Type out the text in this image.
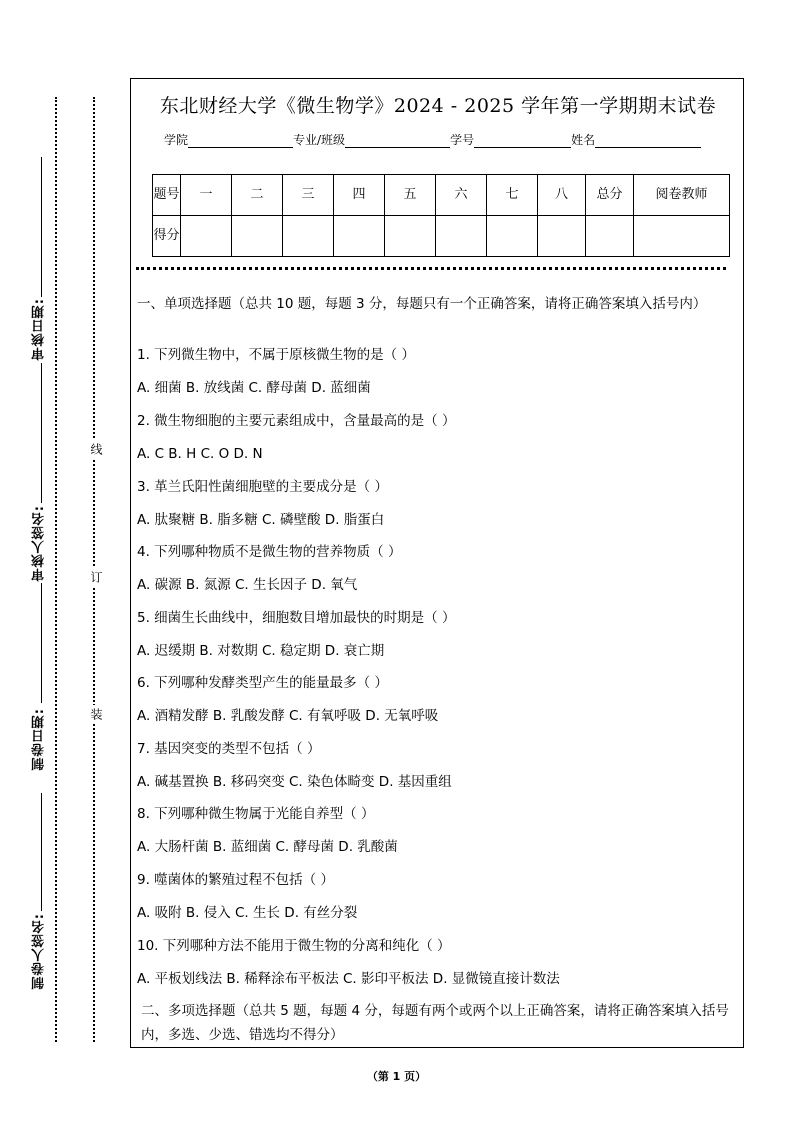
审核日期:
审核人签名:
制卷日期:
制卷人签名:
线
订
装
东北财经大学《微生物学》2024 - 2025 学年第一学期期末试卷
学院	专业/班级	学号	姓名
题号	一	二	三	四	五	六	七	八	总分	阅卷教师
得分										
一、单项选择题（总共 10 题，每题 3 分，每题只有一个正确答案，请将正确答案填入括号内）
1. 下列微生物中，不属于原核微生物的是（ ）
A. 细菌 B. 放线菌 C. 酵母菌 D. 蓝细菌
2. 微生物细胞的主要元素组成中，含量最高的是（ ）
A. C B. H C. O D. N
3. 革兰氏阳性菌细胞壁的主要成分是（ ）
A. 肽聚糖 B. 脂多糖 C. 磷壁酸 D. 脂蛋白
4. 下列哪种物质不是微生物的营养物质（ ）
A. 碳源 B. 氮源 C. 生长因子 D. 氧气
5. 细菌生长曲线中，细胞数目增加最快的时期是（ ）
A. 迟缓期 B. 对数期 C. 稳定期 D. 衰亡期
6. 下列哪种发酵类型产生的能量最多（ ）
A. 酒精发酵 B. 乳酸发酵 C. 有氧呼吸 D. 无氧呼吸
7. 基因突变的类型不包括（ ）
A. 碱基置换 B. 移码突变 C. 染色体畸变 D. 基因重组
8. 下列哪种微生物属于光能自养型（ ）
A. 大肠杆菌 B. 蓝细菌 C. 酵母菌 D. 乳酸菌
9. 噬菌体的繁殖过程不包括（ ）
A. 吸附 B. 侵入 C. 生长 D. 有丝分裂
10. 下列哪种方法不能用于微生物的分离和纯化（ ）
A. 平板划线法 B. 稀释涂布平板法 C. 影印平板法 D. 显微镜直接计数法
二、多项选择题（总共 5 题，每题 4 分，每题有两个或两个以上正确答案，请将正确答案填入括号内，多选、少选、错选均不得分）
（第 1 页）
